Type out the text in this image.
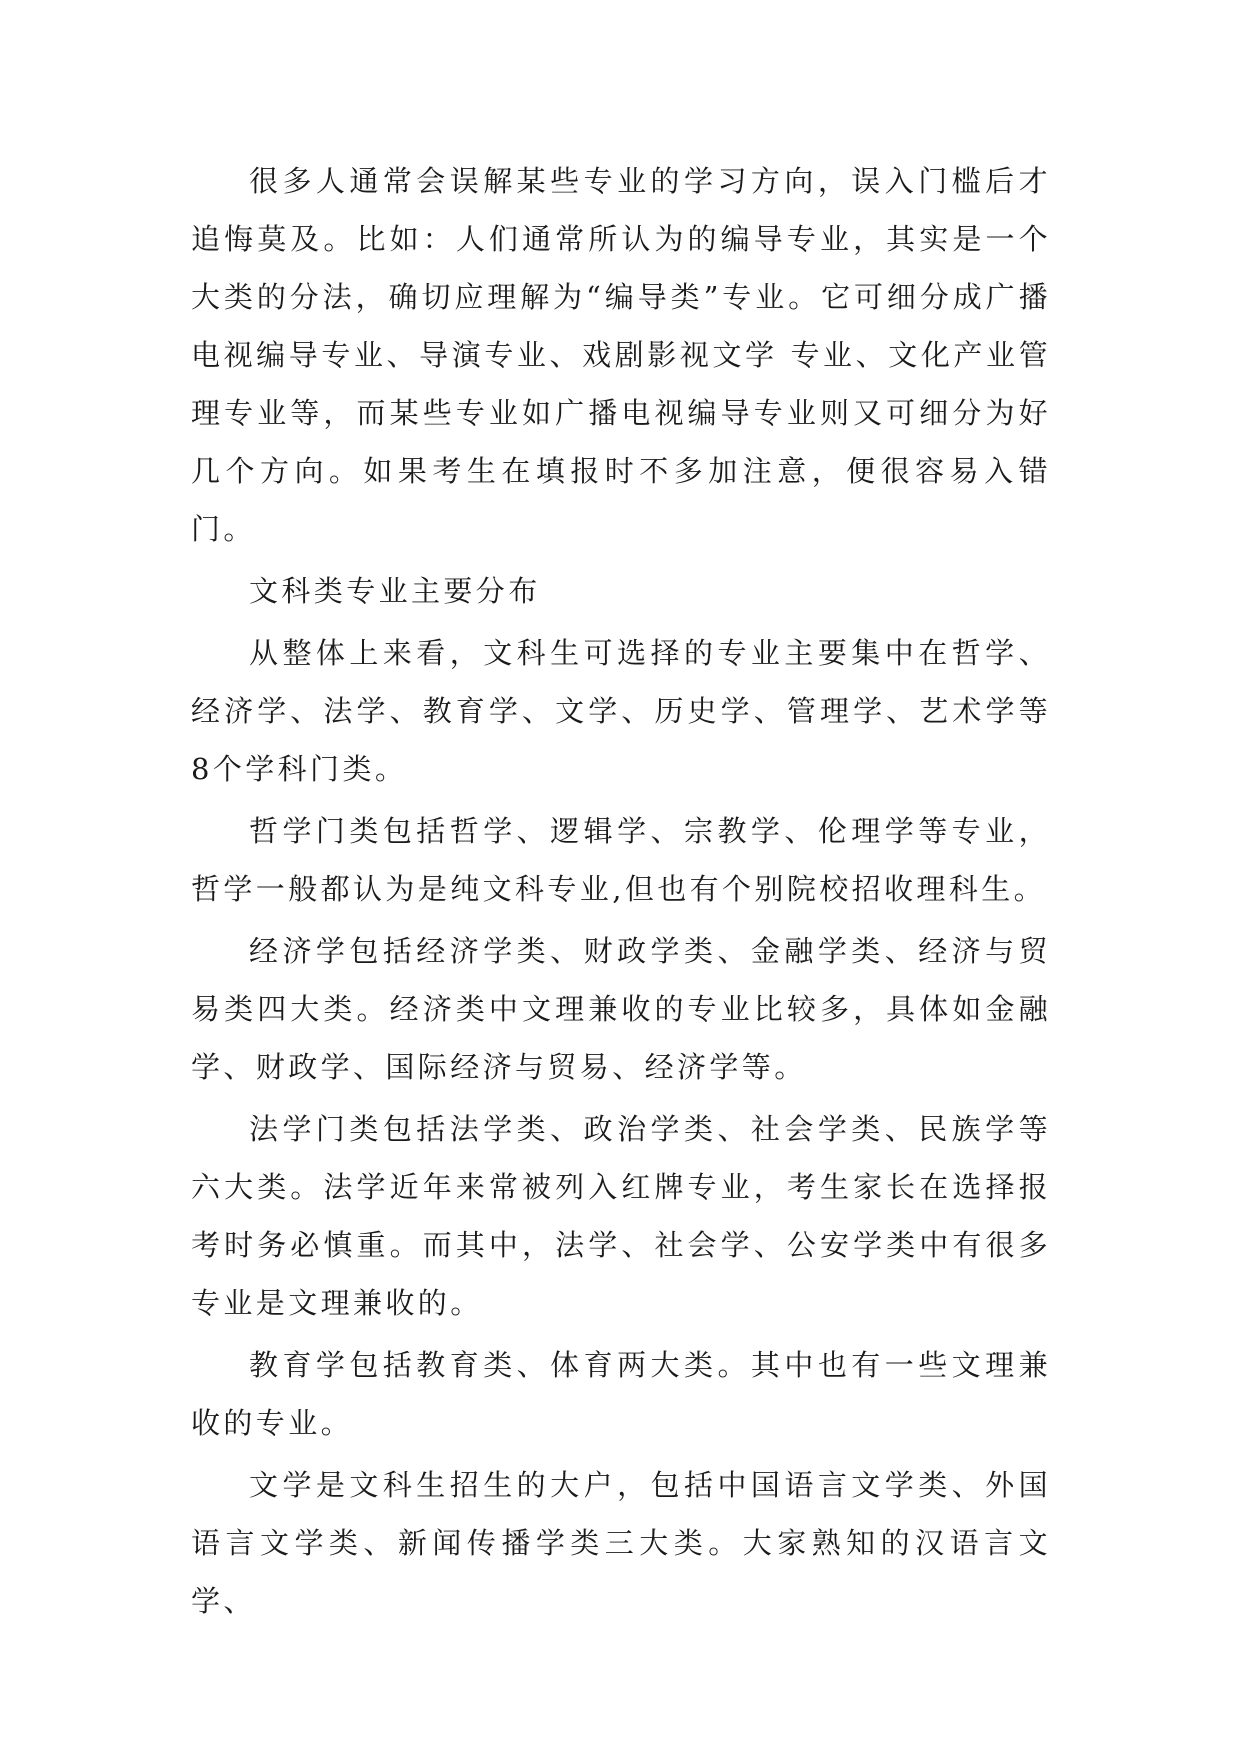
很多人通常会误解某些专业的学习方向，误入门槛后才追悔莫及。比如：人们通常所认为的编导专业，其实是一个大类的分法，确切应理解为“编导类”专业。它可细分成广播电视编导专业、导演专业、戏剧影视文学 专业、文化产业管理专业等，而某些专业如广播电视编导专业则又可细分为好几个方向。如果考生在填报时不多加注意，便很容易入错门。

文科类专业主要分布

从整体上来看，文科生可选择的专业主要集中在哲学、经济学、法学、教育学、文学、历史学、管理学、艺术学等8个学科门类。

哲学门类包括哲学、逻辑学、宗教学、伦理学等专业，哲学一般都认为是纯文科专业,但也有个别院校招收理科生。

经济学包括经济学类、财政学类、金融学类、经济与贸易类四大类。经济类中文理兼收的专业比较多，具体如金融学、财政学、国际经济与贸易、经济学等。

法学门类包括法学类、政治学类、社会学类、民族学等六大类。法学近年来常被列入红牌专业，考生家长在选择报考时务必慎重。而其中，法学、社会学、公安学类中有很多专业是文理兼收的。

教育学包括教育类、体育两大类。其中也有一些文理兼收的专业。

文学是文科生招生的大户，包括中国语言文学类、外国语言文学类、新闻传播学类三大类。大家熟知的汉语言文学、
